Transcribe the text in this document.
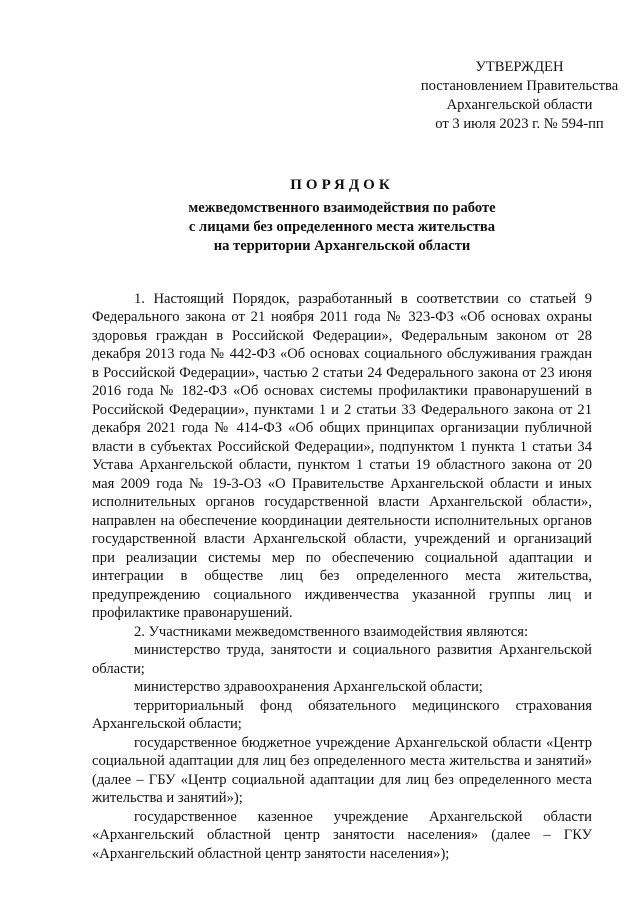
УТВЕРЖДЕН
постановлением Правительства
Архангельской области
от 3 июля 2023 г. № 594-пп
ПОРЯДОК
межведомственного взаимодействия по работе
с лицами без определенного места жительства
на территории Архангельской области

1. Настоящий Порядок, разработанный в соответствии со статьей 9 Федерального закона от 21 ноября 2011 года № 323-ФЗ «Об основах охраны здоровья граждан в Российской Федерации», Федеральным законом от 28 декабря 2013 года № 442-ФЗ «Об основах социального обслуживания граждан в Российской Федерации», частью 2 статьи 24 Федерального закона от 23 июня 2016 года № 182-ФЗ «Об основах системы профилактики правонарушений в Российской Федерации», пунктами 1 и 2 статьи 33 Федерального закона от 21 декабря 2021 года № 414-ФЗ «Об общих принципах организации публичной власти в субъектах Российской Федерации», подпунктом 1 пункта 1 статьи 34 Устава Архангельской области, пунктом 1 статьи 19 областного закона от 20 мая 2009 года № 19-3-ОЗ «О Правительстве Архангельской области и иных исполнительных органов государственной власти Архангельской области», направлен на обеспечение координации деятельности исполнительных органов государственной власти Архангельской области, учреждений и организаций при реализации системы мер по обеспечению социальной адаптации и интеграции в обществе лиц без определенного места жительства, предупреждению социального иждивенчества указанной группы лиц и профилактике правонарушений.

2. Участниками межведомственного взаимодействия являются:

министерство труда, занятости и социального развития Архангельской области;

министерство здравоохранения Архангельской области;

территориальный фонд обязательного медицинского страхования Архангельской области;

государственное бюджетное учреждение Архангельской области «Центр социальной адаптации для лиц без определенного места жительства и занятий» (далее – ГБУ «Центр социальной адаптации для лиц без определенного места жительства и занятий»);

государственное казенное учреждение Архангельской области «Архангельский областной центр занятости населения» (далее – ГКУ «Архангельский областной центр занятости населения»);
